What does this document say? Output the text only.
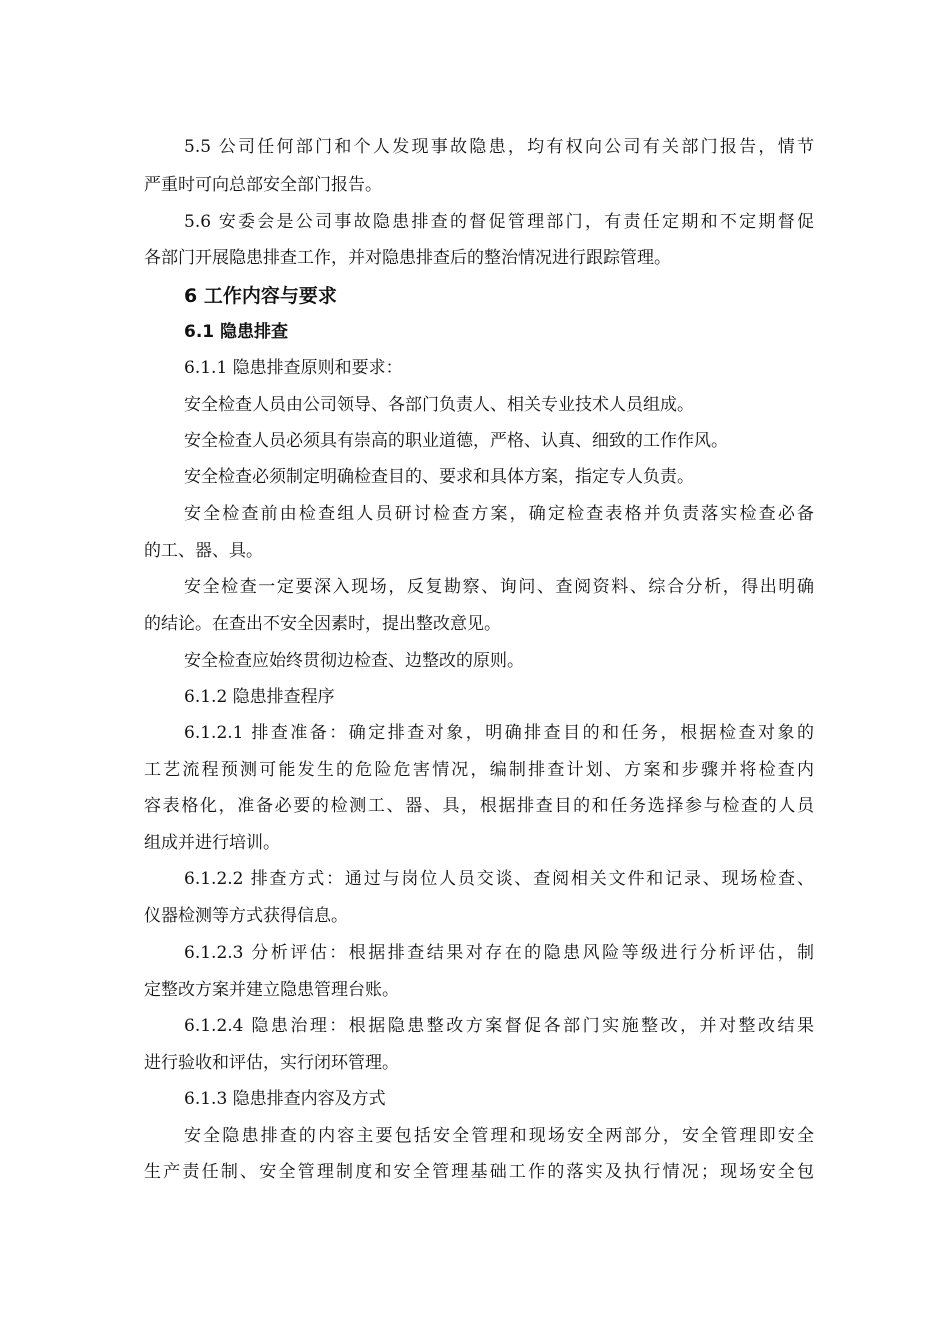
5.5 公司任何部门和个人发现事故隐患，均有权向公司有关部门报告，情节
严重时可向总部安全部门报告。
5.6 安委会是公司事故隐患排查的督促管理部门，有责任定期和不定期督促
各部门开展隐患排查工作，并对隐患排查后的整治情况进行跟踪管理。
6 工作内容与要求
6.1 隐患排查
6.1.1 隐患排查原则和要求：
安全检查人员由公司领导、各部门负责人、相关专业技术人员组成。
安全检查人员必须具有崇高的职业道德，严格、认真、细致的工作作风。
安全检查必须制定明确检查目的、要求和具体方案，指定专人负责。
安全检查前由检查组人员研讨检查方案，确定检查表格并负责落实检查必备
的工、器、具。
安全检查一定要深入现场，反复勘察、询问、查阅资料、综合分析，得出明确
的结论。在查出不安全因素时，提出整改意见。
安全检查应始终贯彻边检查、边整改的原则。
6.1.2 隐患排查程序
6.1.2.1 排查准备：确定排查对象，明确排查目的和任务，根据检查对象的
工艺流程预测可能发生的危险危害情况，编制排查计划、方案和步骤并将检查内
容表格化，准备必要的检测工、器、具，根据排查目的和任务选择参与检查的人员
组成并进行培训。
6.1.2.2 排查方式：通过与岗位人员交谈、查阅相关文件和记录、现场检查、
仪器检测等方式获得信息。
6.1.2.3 分析评估：根据排查结果对存在的隐患风险等级进行分析评估，制
定整改方案并建立隐患管理台账。
6.1.2.4 隐患治理：根据隐患整改方案督促各部门实施整改，并对整改结果
进行验收和评估，实行闭环管理。
6.1.3 隐患排查内容及方式
安全隐患排查的内容主要包括安全管理和现场安全两部分，安全管理即安全
生产责任制、安全管理制度和安全管理基础工作的落实及执行情况；现场安全包
